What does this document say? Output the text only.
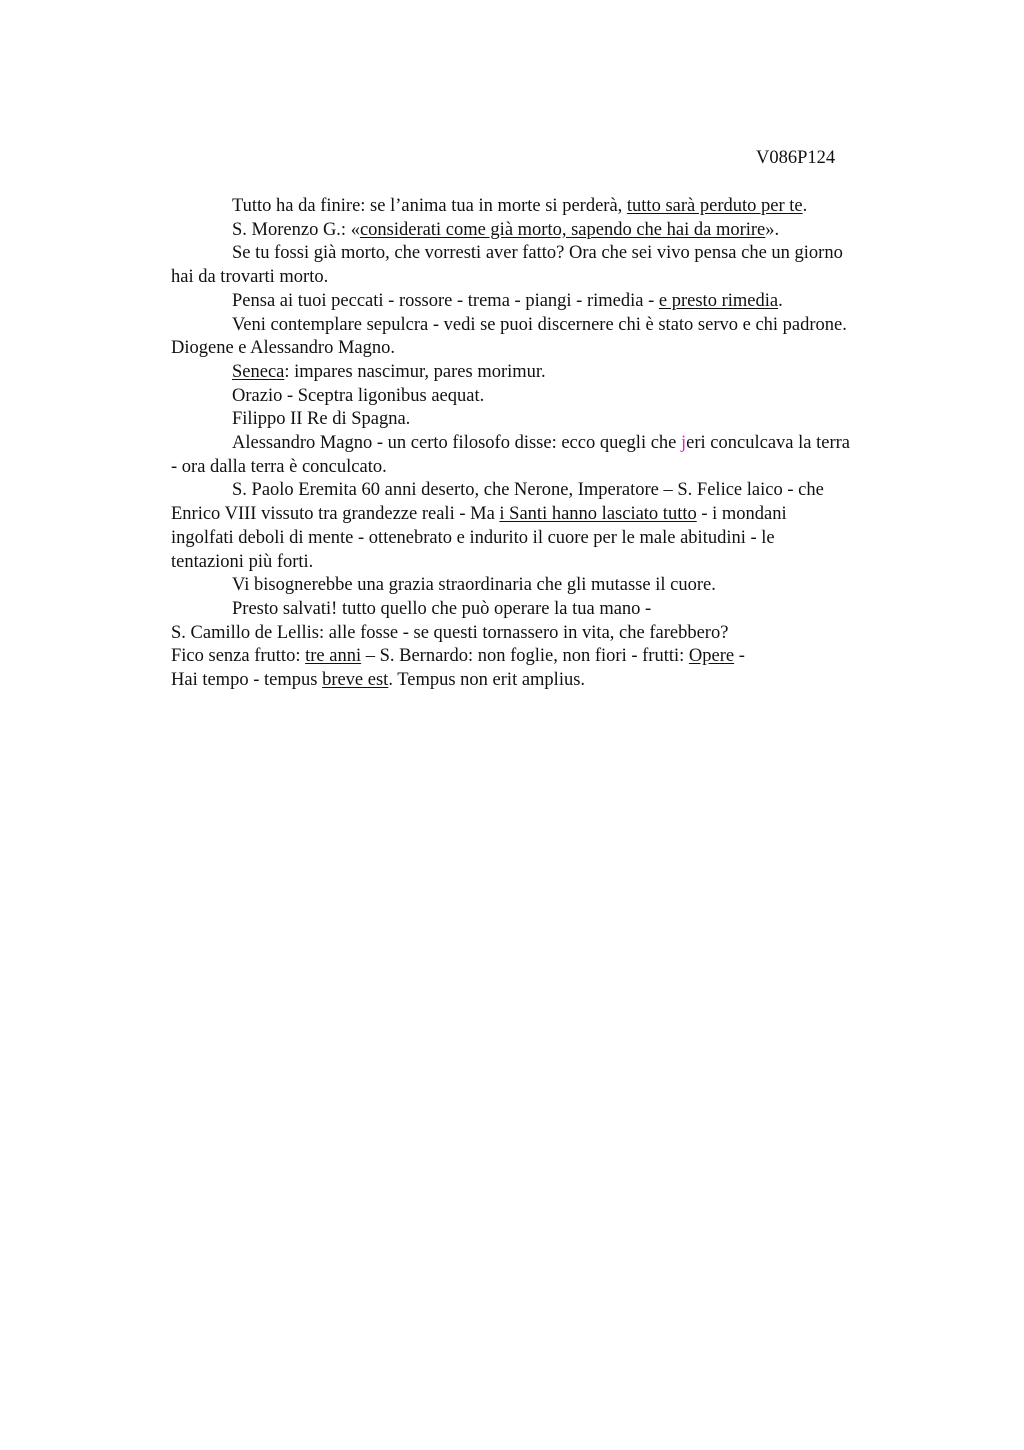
V086P124

Tutto ha da finire: se l’anima tua in morte si perderà, tutto sarà perduto per te.

S. Morenzo G.: «considerati come già morto, sapendo che hai da morire».

Se tu fossi già morto, che vorresti aver fatto? Ora che sei vivo pensa che un giorno

hai da trovarti morto.

Pensa ai tuoi peccati - rossore - trema - piangi - rimedia - e presto rimedia.

Veni contemplare sepulcra - vedi se puoi discernere chi è stato servo e chi padrone.

Diogene e Alessandro Magno.

Seneca: impares nascimur, pares morimur.

Orazio - Sceptra ligonibus aequat.

Filippo II Re di Spagna.

Alessandro Magno - un certo filosofo disse: ecco quegli che jeri conculcava la terra

- ora dalla terra è conculcato.

S. Paolo Eremita 60 anni deserto, che Nerone, Imperatore – S. Felice laico - che

Enrico VIII vissuto tra grandezze reali - Ma i Santi hanno lasciato tutto - i mondani

ingolfati deboli di mente - ottenebrato e indurito il cuore per le male abitudini - le

tentazioni più forti.

Vi bisognerebbe una grazia straordinaria che gli mutasse il cuore.

Presto salvati! tutto quello che può operare la tua mano -

S. Camillo de Lellis: alle fosse - se questi tornassero in vita, che farebbero?

Fico senza frutto: tre anni – S. Bernardo: non foglie, non fiori - frutti: Opere -

Hai tempo - tempus breve est. Tempus non erit amplius.
